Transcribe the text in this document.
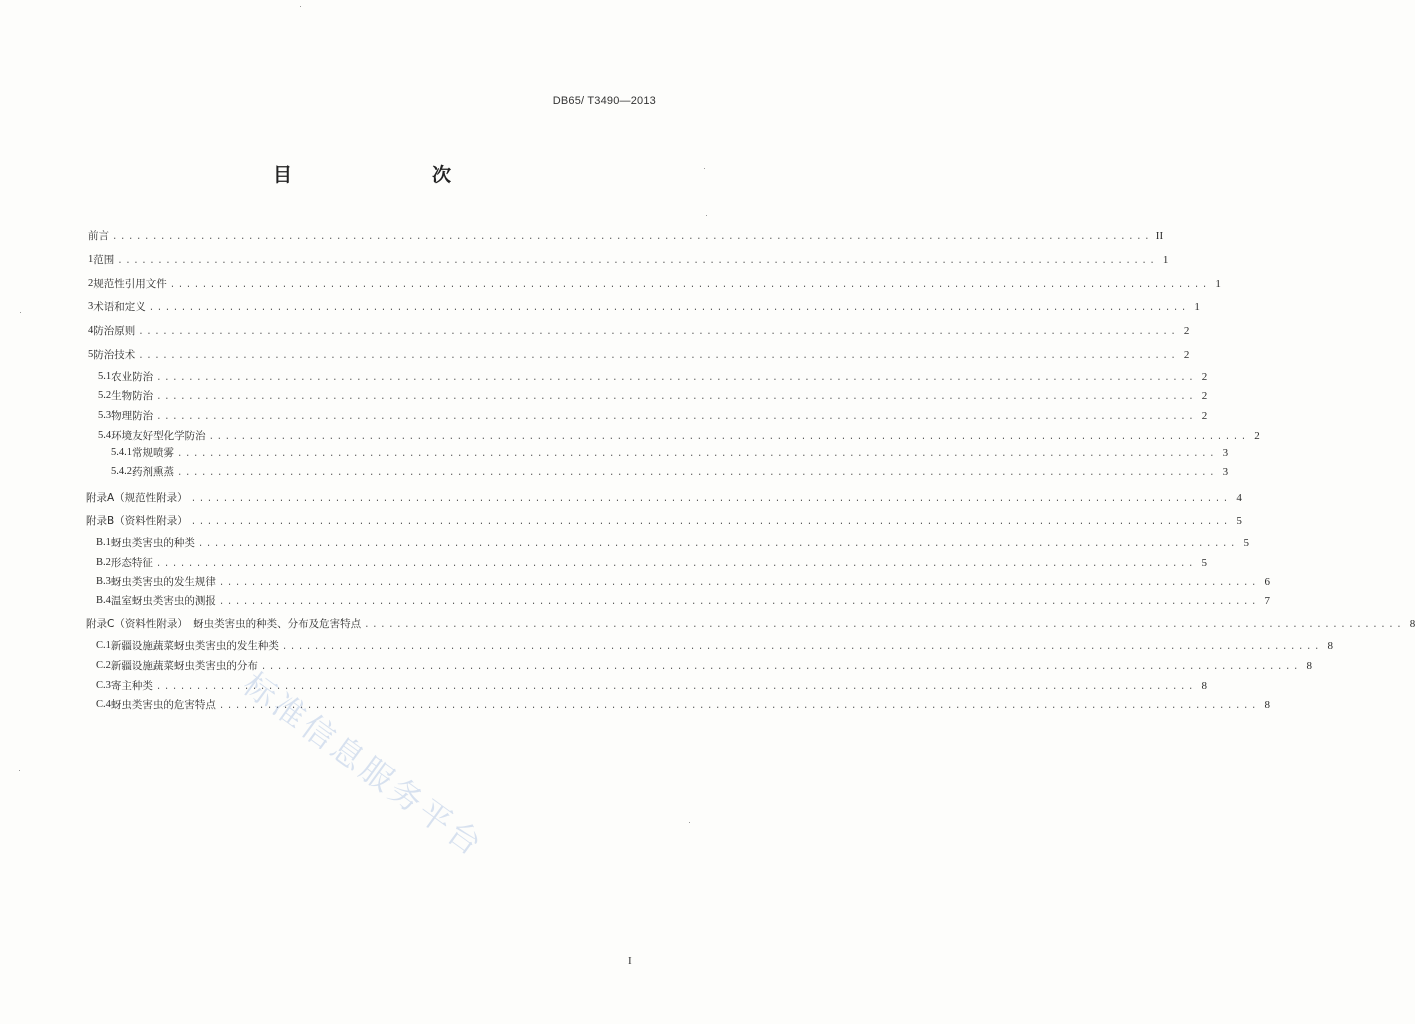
DB65/ T3490—2013
目　　次
前言 .................................................................................................................................. II
1 范围 .................................................................................................................................. 1
2 规范性引用文件 .................................................................................................................................. 1
3 术语和定义 .................................................................................................................................. 1
4 防治原则 .................................................................................................................................. 2
5 防治技术 .................................................................................................................................. 2
5.1 农业防治 .................................................................................................................................. 2
5.2 生物防治 .................................................................................................................................. 2
5.3 物理防治 .................................................................................................................................. 2
5.4 环境友好型化学防治 .................................................................................................................................. 2
5.4.1 常规喷雾 .................................................................................................................................. 3
5.4.2 药剂熏蒸 .................................................................................................................................. 3
附录A（规范性附录） .................................................................................................................................. 4
附录B（资料性附录） .................................................................................................................................. 5
B.1 蚜虫类害虫的种类 .................................................................................................................................. 5
B.2 形态特征 .................................................................................................................................. 5
B.3 蚜虫类害虫的发生规律 .................................................................................................................................. 6
B.4 温室蚜虫类害虫的测报 .................................................................................................................................. 7
附录C（资料性附录）　蚜虫类害虫的种类、分布及危害特点 .................................................................................................................................. 8
C.1 新疆设施蔬菜蚜虫类害虫的发生种类 .................................................................................................................................. 8
C.2 新疆设施蔬菜蚜虫类害虫的分布 .................................................................................................................................. 8
C.3 寄主种类 .................................................................................................................................. 8
C.4 蚜虫类害虫的危害特点 .................................................................................................................................. 8
标准信息服务平台
I
